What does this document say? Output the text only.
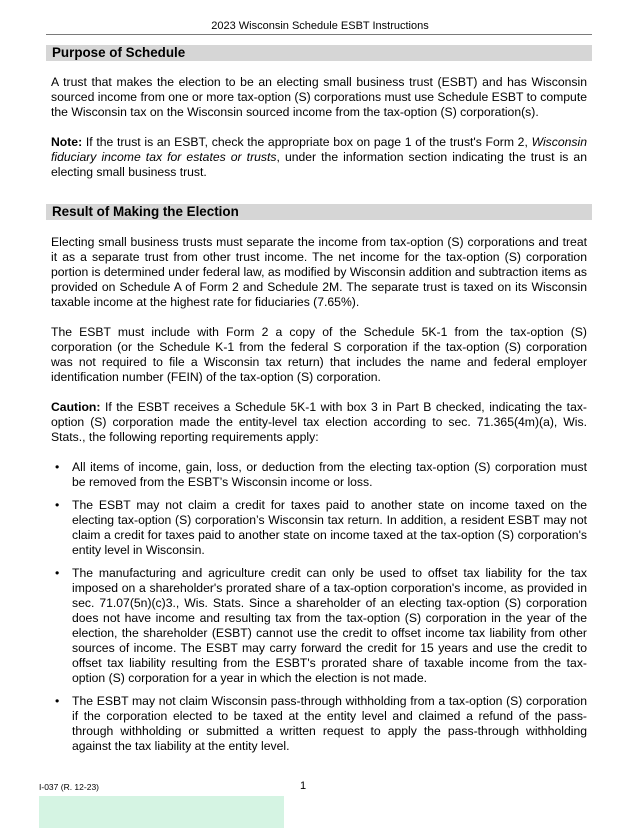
2023 Wisconsin Schedule ESBT Instructions
Purpose of Schedule

A trust that makes the election to be an electing small business trust (ESBT) and has Wisconsin sourced income from one or more tax-option (S) corporations must use Schedule ESBT to compute the Wisconsin tax on the Wisconsin sourced income from the tax-option (S) corporation(s).

Note: If the trust is an ESBT, check the appropriate box on page 1 of the trust's Form 2, Wisconsin fiduciary income tax for estates or trusts, under the information section indicating the trust is an electing small business trust.

Result of Making the Election

Electing small business trusts must separate the income from tax-option (S) corporations and treat it as a separate trust from other trust income. The net income for the tax-option (S) corporation portion is determined under federal law, as modified by Wisconsin addition and subtraction items as provided on Schedule A of Form 2 and Schedule 2M. The separate trust is taxed on its Wisconsin taxable income at the highest rate for fiduciaries (7.65%).

The ESBT must include with Form 2 a copy of the Schedule 5K-1 from the tax-option (S) corporation (or the Schedule K-1 from the federal S corporation if the tax-option (S) corporation was not required to file a Wisconsin tax return) that includes the name and federal employer identification number (FEIN) of the tax-option (S) corporation.

Caution: If the ESBT receives a Schedule 5K-1 with box 3 in Part B checked, indicating the tax-option (S) corporation made the entity-level tax election according to sec. 71.365(4m)(a), Wis. Stats., the following reporting requirements apply:

• All items of income, gain, loss, or deduction from the electing tax-option (S) corporation must be removed from the ESBT’s Wisconsin income or loss.
• The ESBT may not claim a credit for taxes paid to another state on income taxed on the electing tax-option (S) corporation’s Wisconsin tax return. In addition, a resident ESBT may not claim a credit for taxes paid to another state on income taxed at the tax-option (S) corporation's entity level in Wisconsin.
• The manufacturing and agriculture credit can only be used to offset tax liability for the tax imposed on a shareholder's prorated share of a tax-option corporation's income, as provided in sec. 71.07(5n)(c)3., Wis. Stats. Since a shareholder of an electing tax-option (S) corporation does not have income and resulting tax from the tax-option (S) corporation in the year of the election, the shareholder (ESBT) cannot use the credit to offset income tax liability from other sources of income. The ESBT may carry forward the credit for 15 years and use the credit to offset tax liability resulting from the ESBT's prorated share of taxable income from the tax-option (S) corporation for a year in which the election is not made.
• The ESBT may not claim Wisconsin pass-through withholding from a tax-option (S) corporation if the corporation elected to be taxed at the entity level and claimed a refund of the pass-through withholding or submitted a written request to apply the pass-through withholding against the tax liability at the entity level.
I-037 (R. 12-23)	1
